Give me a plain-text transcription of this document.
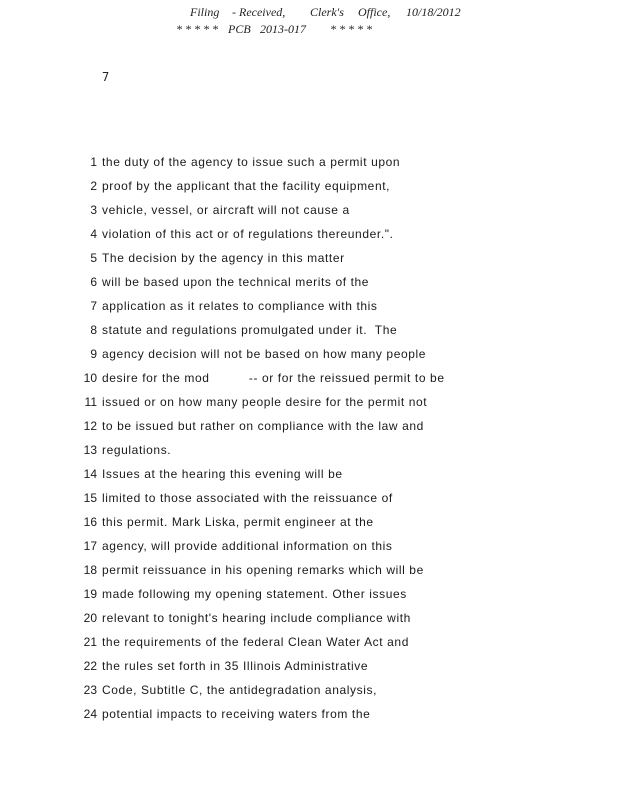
Filing - Received, Clerk's Office, 10/18/2012
* * * * * PCB 2013-017 * * * * *
7
1 the duty of the agency to issue such a permit upon
2 proof by the applicant that the facility equipment,
3 vehicle, vessel, or aircraft will not cause a
4 violation of this act or of regulations thereunder.".
5 The decision by the agency in this matter
6 will be based upon the technical merits of the
7 application as it relates to compliance with this
8 statute and regulations promulgated under it.  The
9 agency decision will not be based on how many people
10 desire for the mod          -- or for the reissued permit to be
11 issued or on how many people desire for the permit not
12 to be issued but rather on compliance with the law and
13 regulations.
14 Issues at the hearing this evening will be
15 limited to those associated with the reissuance of
16 this permit. Mark Liska, permit engineer at the
17 agency, will provide additional information on this
18 permit reissuance in his opening remarks which will be
19 made following my opening statement. Other issues
20 relevant to tonight's hearing include compliance with
21 the requirements of the federal Clean Water Act and
22 the rules set forth in 35 Illinois Administrative
23 Code, Subtitle C, the antidegradation analysis,
24 potential impacts to receiving waters from the
